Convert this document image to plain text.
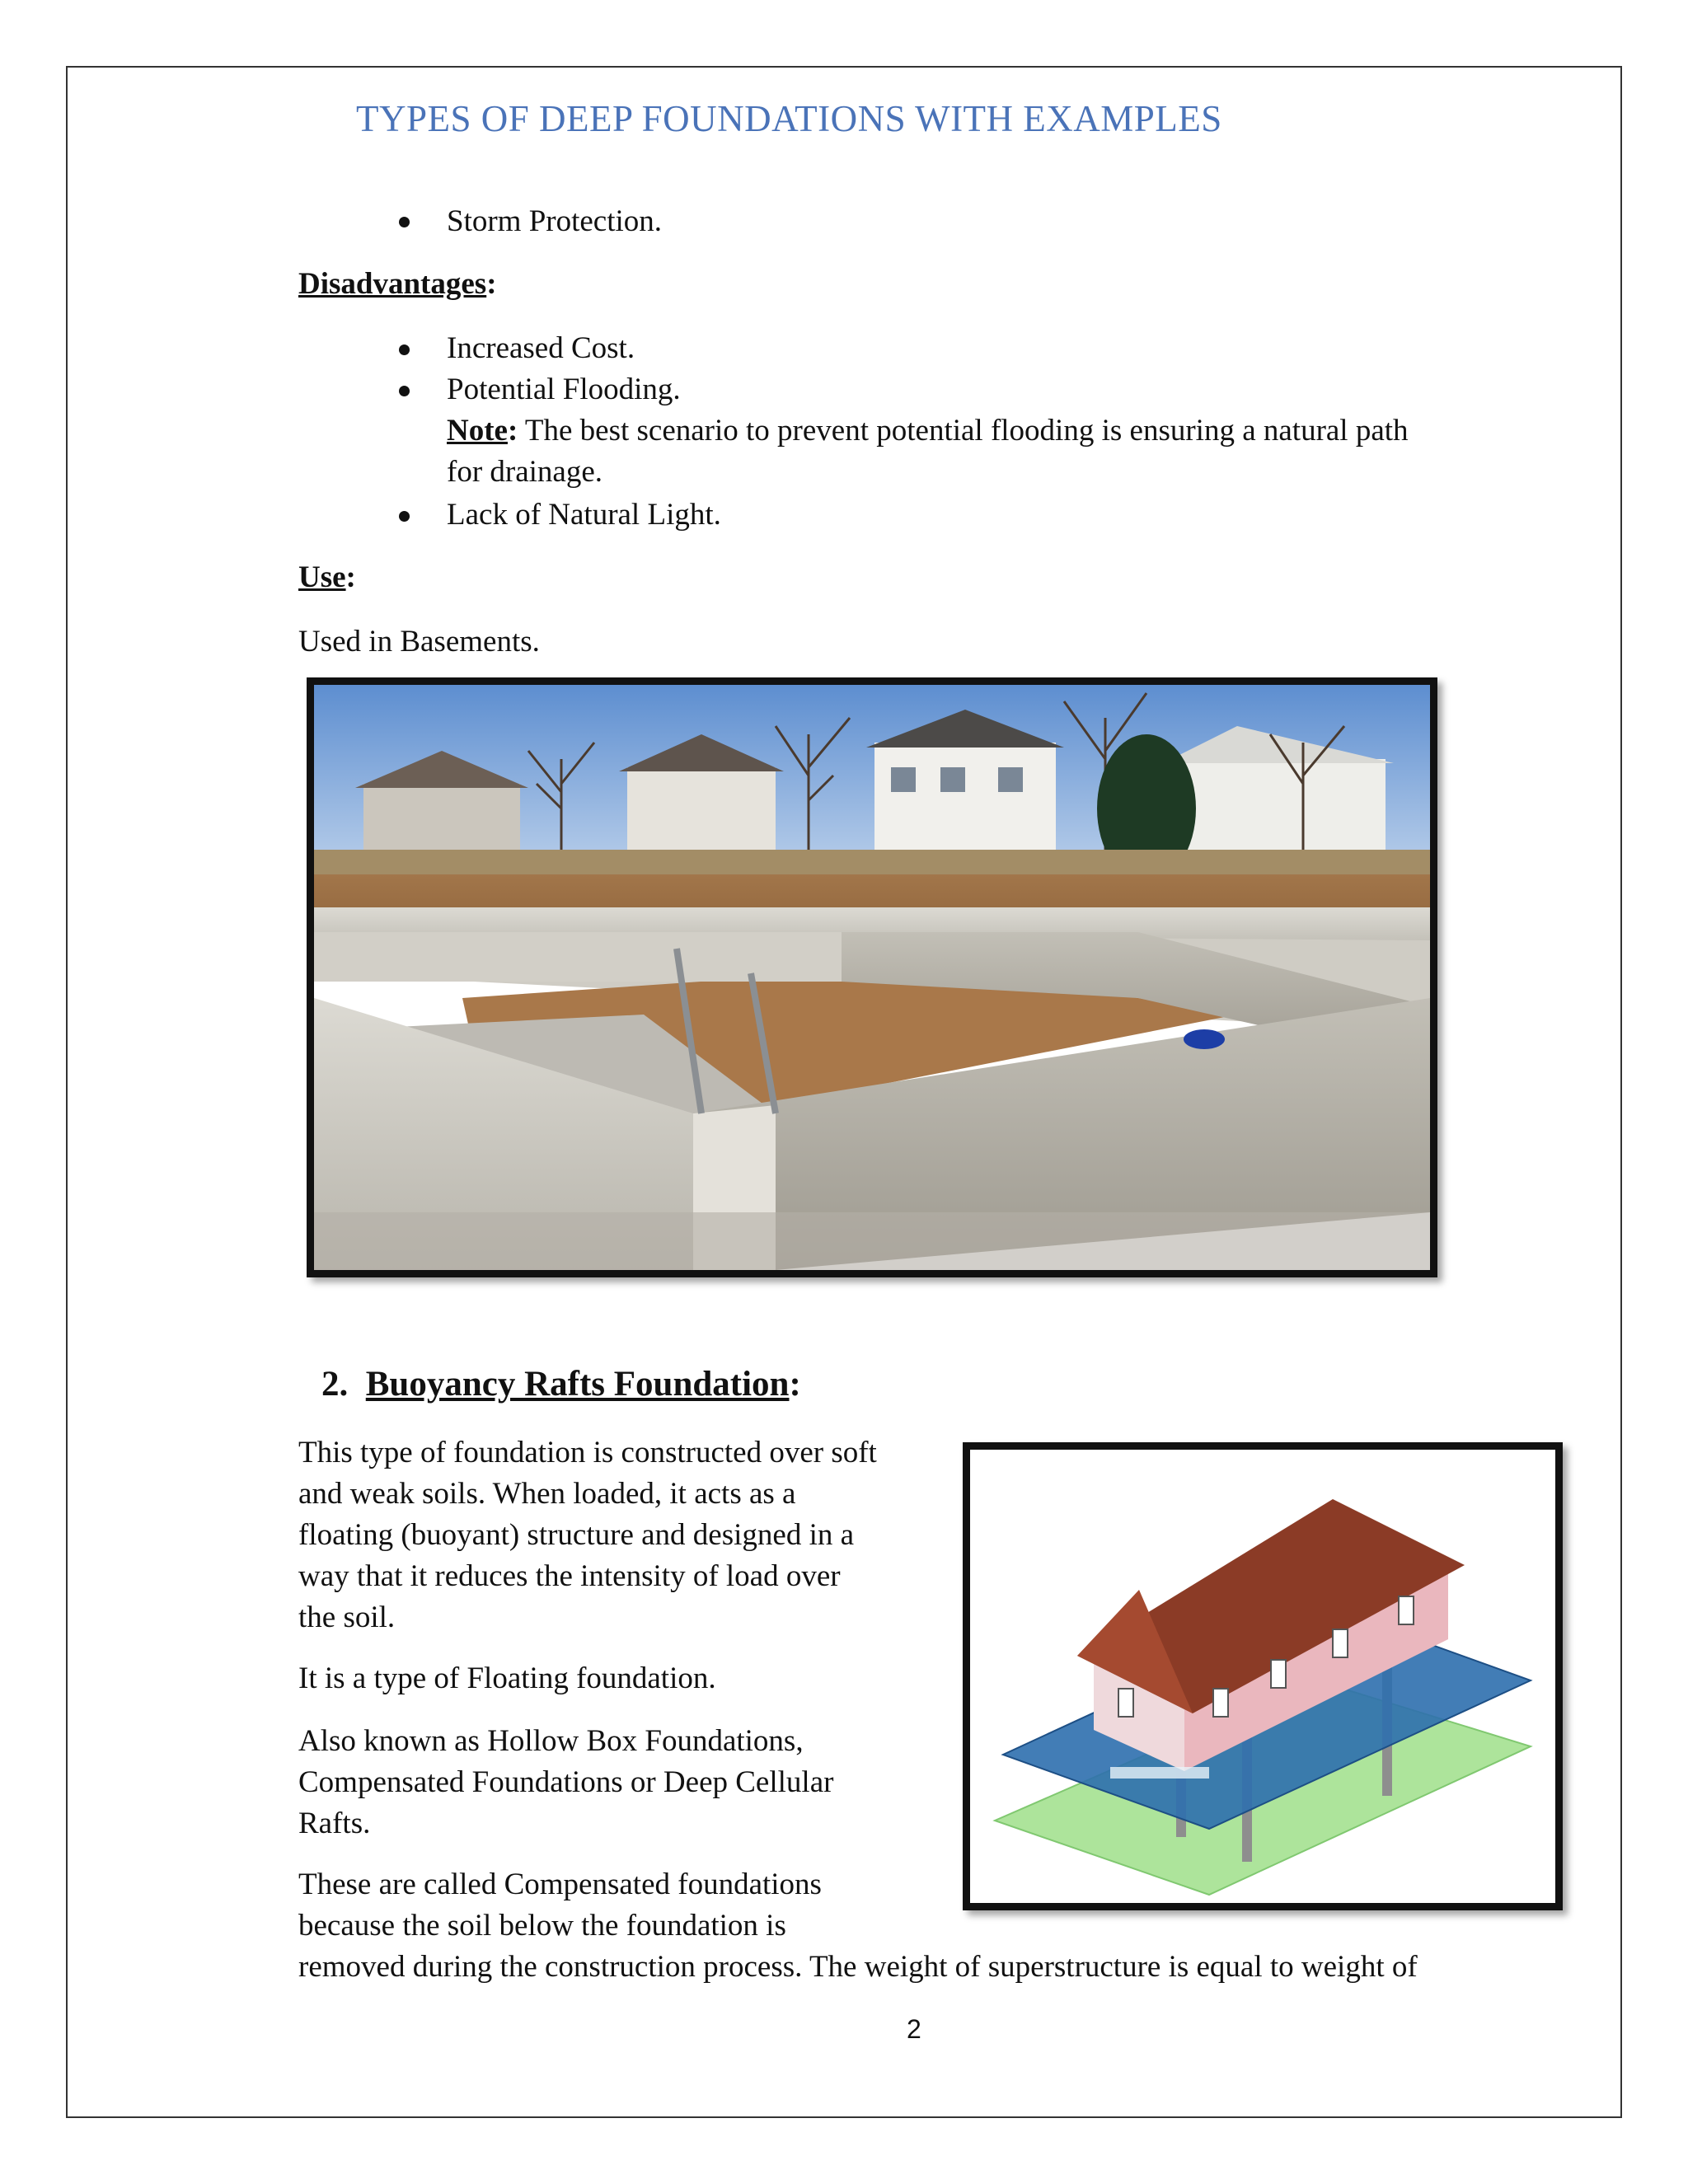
TYPES OF DEEP FOUNDATIONS WITH EXAMPLES
Storm Protection.
Disadvantages:
Increased Cost.
Potential Flooding.
Note: The best scenario to prevent potential flooding is ensuring a natural path
for drainage.
Lack of Natural Light.
Use:
Used in Basements.
2. Buoyancy Rafts Foundation:
This type of foundation is constructed over soft
and weak soils. When loaded, it acts as a
floating (buoyant) structure and designed in a
way that it reduces the intensity of load over
the soil.
It is a type of Floating foundation.
Also known as Hollow Box Foundations,
Compensated Foundations or Deep Cellular
Rafts.
These are called Compensated foundations
because the soil below the foundation is
removed during the construction process. The weight of superstructure is equal to weight of
2
